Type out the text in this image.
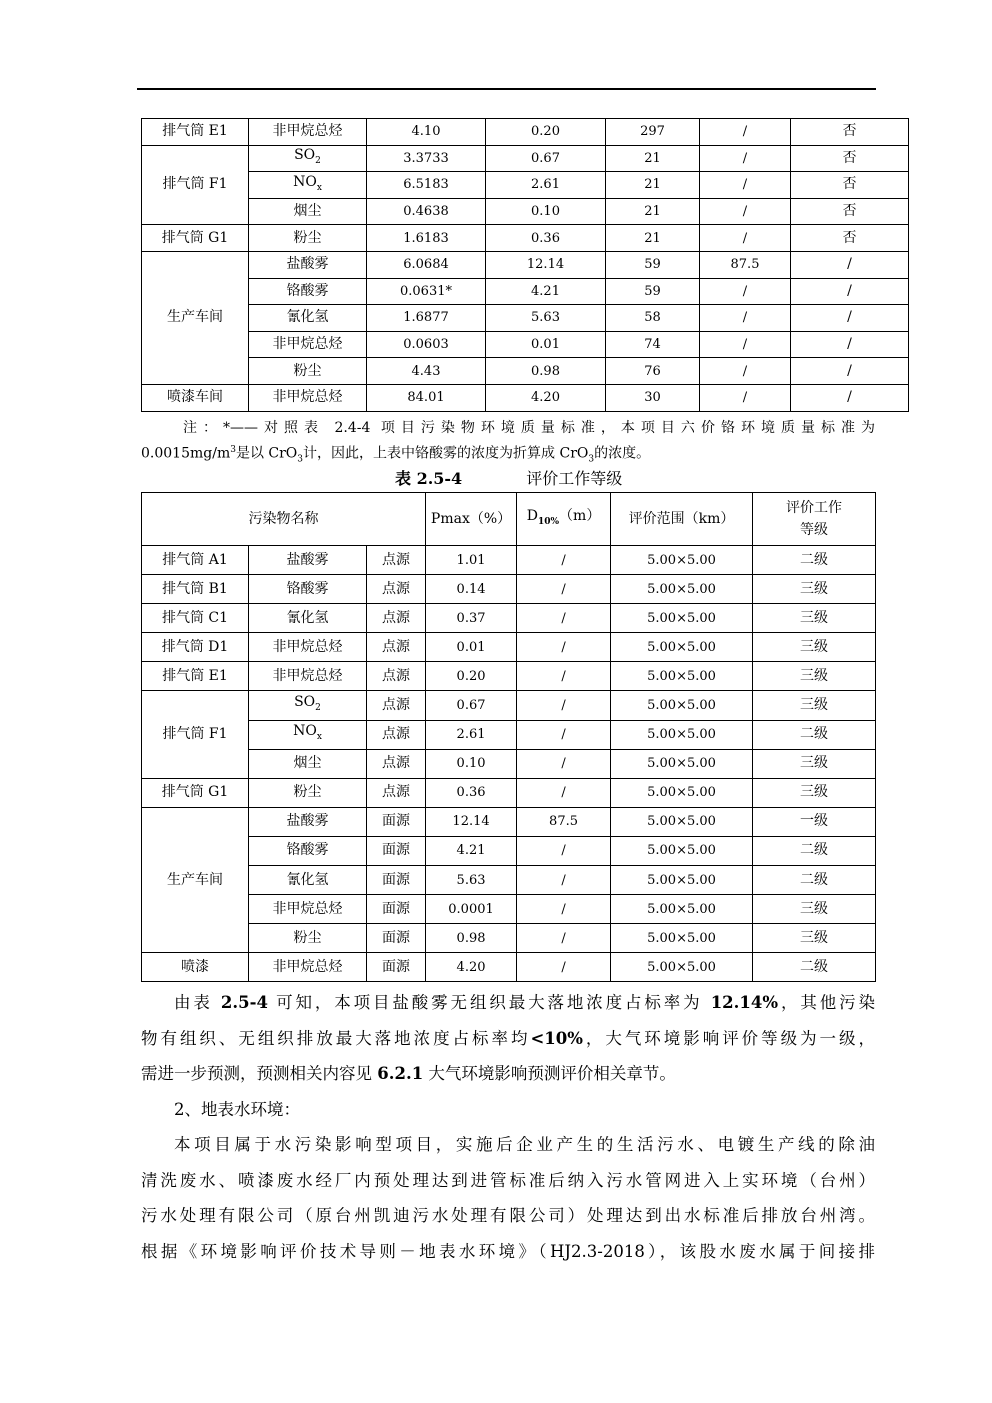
排气筒 E1	非甲烷总烃	4.10	0.20	297	/	否
排气筒 F1	$SO_2$	3.3733	0.67	21	/	否
	$NO_x$	6.5183	2.61	21	/	否
	烟尘	0.4638	0.10	21	/	否
排气筒 G1	粉尘	1.6183	0.36	21	/	否
生产车间	盐酸雾	6.0684	12.14	59	87.5	/
	铬酸雾	0.0631*	4.21	59	/	/
	氰化氢	1.6877	5.63	58	/	/
	非甲烷总烃	0.0603	0.01	74	/	/
	粉尘	4.43	0.98	76	/	/
喷漆车间	非甲烷总烃	84.01	4.20	30	/	/
注：*——对照表 2.4-4 项目污染物环境质量标准，本项目六价铬环境质量标准为
$0.0015mg/m^3$是以 CrO$_3$计，因此，上表中铬酸雾的浓度为折算成 CrO$_3$的浓度。
表 2.5-4	评价工作等级
污染物名称			Pmax（%）	$D_{10\%}(m)$	评价范围（km）	评价工作
等级
排气筒 A1	盐酸雾	点源	1.01	/	5.00×5.00	二级
排气筒 B1	铬酸雾	点源	0.14	/	5.00×5.00	三级
排气筒 C1	氰化氢	点源	0.37	/	5.00×5.00	三级
排气筒 D1	非甲烷总烃	点源	0.01	/	5.00×5.00	三级
排气筒 E1	非甲烷总烃	点源	0.20	/	5.00×5.00	三级
排气筒 F1	$SO_2$	点源	0.67	/	5.00×5.00	三级
	$NO_x$	点源	2.61	/	5.00×5.00	二级
	烟尘	点源	0.10	/	5.00×5.00	三级
排气筒 G1	粉尘	点源	0.36	/	5.00×5.00	三级
生产车间	盐酸雾	面源	12.14	87.5	5.00×5.00	一级
	铬酸雾	面源	4.21	/	5.00×5.00	二级
	氰化氢	面源	5.63	/	5.00×5.00	二级
	非甲烷总烃	面源	0.0001	/	5.00×5.00	三级
	粉尘	面源	0.98	/	5.00×5.00	三级
喷漆	非甲烷总烃	面源	4.20	/	5.00×5.00	二级

由表 2.5-4 可知，本项目盐酸雾无组织最大落地浓度占标率为 12.14%，其他污染

物有组织、无组织排放最大落地浓度占标率均<10%，大气环境影响评价等级为一级，

需进一步预测，预测相关内容见 6.2.1 大气环境影响预测评价相关章节。

2、地表水环境：

本项目属于水污染影响型项目，实施后企业产生的生活污水、电镀生产线的除油

清洗废水、喷漆废水经厂内预处理达到进管标准后纳入污水管网进入上实环境（台州）

污水处理有限公司（原台州凯迪污水处理有限公司）处理达到出水标准后排放台州湾。

根据《环境影响评价技术导则－地表水环境》（HJ2.3-2018），该股水废水属于间接排
